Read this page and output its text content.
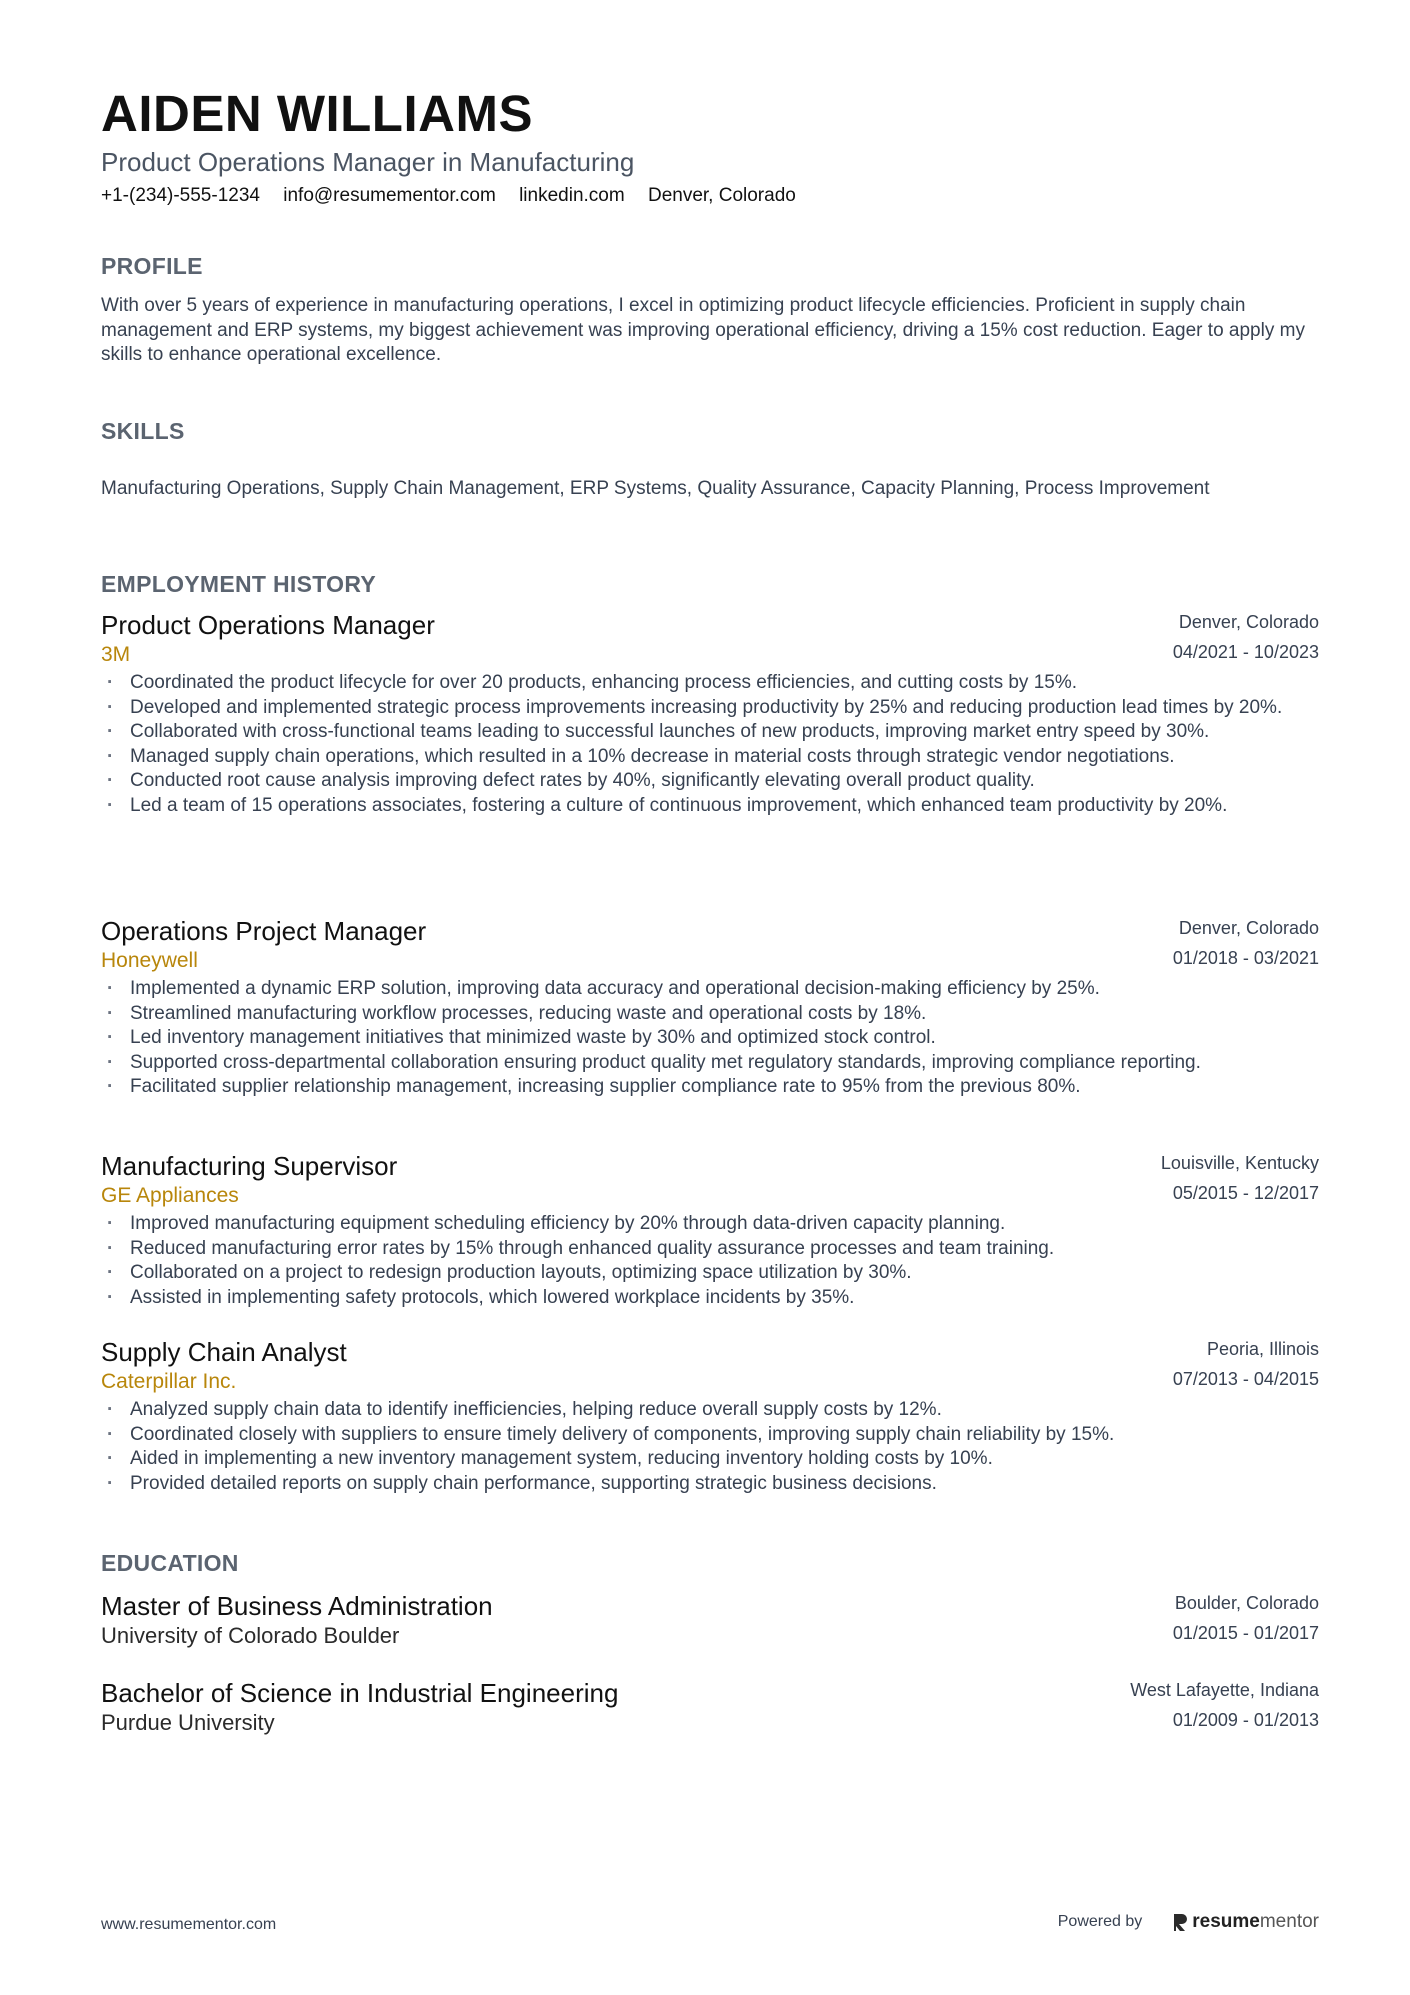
AIDEN WILLIAMS
Product Operations Manager in Manufacturing
+1-(234)-555-1234 info@resumementor.com linkedin.com Denver, Colorado
PROFILE

With over 5 years of experience in manufacturing operations, I excel in optimizing product lifecycle efficiencies. Proficient in supply chain management and ERP systems, my biggest achievement was improving operational efficiency, driving a 15% cost reduction. Eager to apply my skills to enhance operational excellence.

SKILLS

Manufacturing Operations, Supply Chain Management, ERP Systems, Quality Assurance, Capacity Planning, Process Improvement

EMPLOYMENT HISTORY
Product Operations Manager
3M
Denver, Colorado
04/2021 - 10/2023
· Coordinated the product lifecycle for over 20 products, enhancing process efficiencies, and cutting costs by 15%.
· Developed and implemented strategic process improvements increasing productivity by 25% and reducing production lead times by 20%.
· Collaborated with cross-functional teams leading to successful launches of new products, improving market entry speed by 30%.
· Managed supply chain operations, which resulted in a 10% decrease in material costs through strategic vendor negotiations.
· Conducted root cause analysis improving defect rates by 40%, significantly elevating overall product quality.
· Led a team of 15 operations associates, fostering a culture of continuous improvement, which enhanced team productivity by 20%.
Operations Project Manager
Honeywell
Denver, Colorado
01/2018 - 03/2021
· Implemented a dynamic ERP solution, improving data accuracy and operational decision-making efficiency by 25%.
· Streamlined manufacturing workflow processes, reducing waste and operational costs by 18%.
· Led inventory management initiatives that minimized waste by 30% and optimized stock control.
· Supported cross-departmental collaboration ensuring product quality met regulatory standards, improving compliance reporting.
· Facilitated supplier relationship management, increasing supplier compliance rate to 95% from the previous 80%.
Manufacturing Supervisor
GE Appliances
Louisville, Kentucky
05/2015 - 12/2017
· Improved manufacturing equipment scheduling efficiency by 20% through data-driven capacity planning.
· Reduced manufacturing error rates by 15% through enhanced quality assurance processes and team training.
· Collaborated on a project to redesign production layouts, optimizing space utilization by 30%.
· Assisted in implementing safety protocols, which lowered workplace incidents by 35%.
Supply Chain Analyst
Caterpillar Inc.
Peoria, Illinois
07/2013 - 04/2015
· Analyzed supply chain data to identify inefficiencies, helping reduce overall supply costs by 12%.
· Coordinated closely with suppliers to ensure timely delivery of components, improving supply chain reliability by 15%.
· Aided in implementing a new inventory management system, reducing inventory holding costs by 10%.
· Provided detailed reports on supply chain performance, supporting strategic business decisions.
EDUCATION
Master of Business Administration
University of Colorado Boulder
Boulder, Colorado
01/2015 - 01/2017
Bachelor of Science in Industrial Engineering
Purdue University
West Lafayette, Indiana
01/2009 - 01/2013
www.resumementor.com	Powered by	resume mentor
